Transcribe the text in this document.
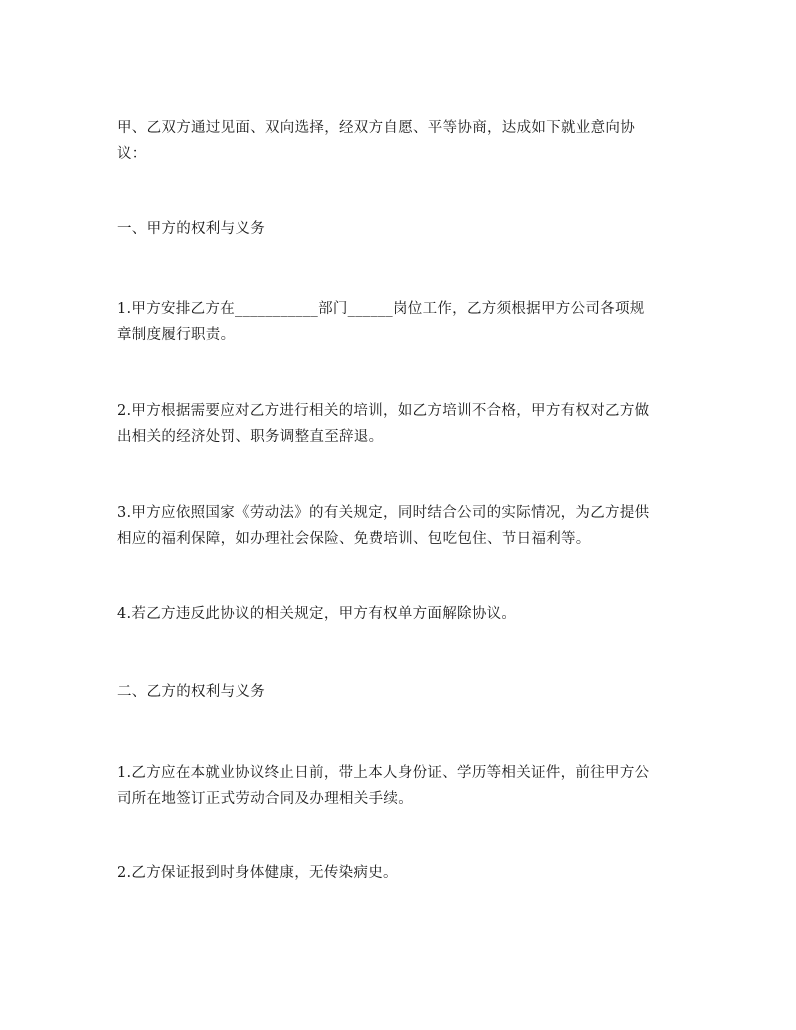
甲、乙双方通过见面、双向选择，经双方自愿、平等协商，达成如下就业意向协
议：

一、甲方的权利与义务

1.甲方安排乙方在___________部门______岗位工作，乙方须根据甲方公司各项规
章制度履行职责。

2.甲方根据需要应对乙方进行相关的培训，如乙方培训不合格，甲方有权对乙方做
出相关的经济处罚、职务调整直至辞退。

3.甲方应依照国家《劳动法》的有关规定，同时结合公司的实际情况，为乙方提供
相应的福利保障，如办理社会保险、免费培训、包吃包住、节日福利等。

4.若乙方违反此协议的相关规定，甲方有权单方面解除协议。

二、乙方的权利与义务

1.乙方应在本就业协议终止日前，带上本人身份证、学历等相关证件，前往甲方公
司所在地签订正式劳动合同及办理相关手续。

2.乙方保证报到时身体健康，无传染病史。
